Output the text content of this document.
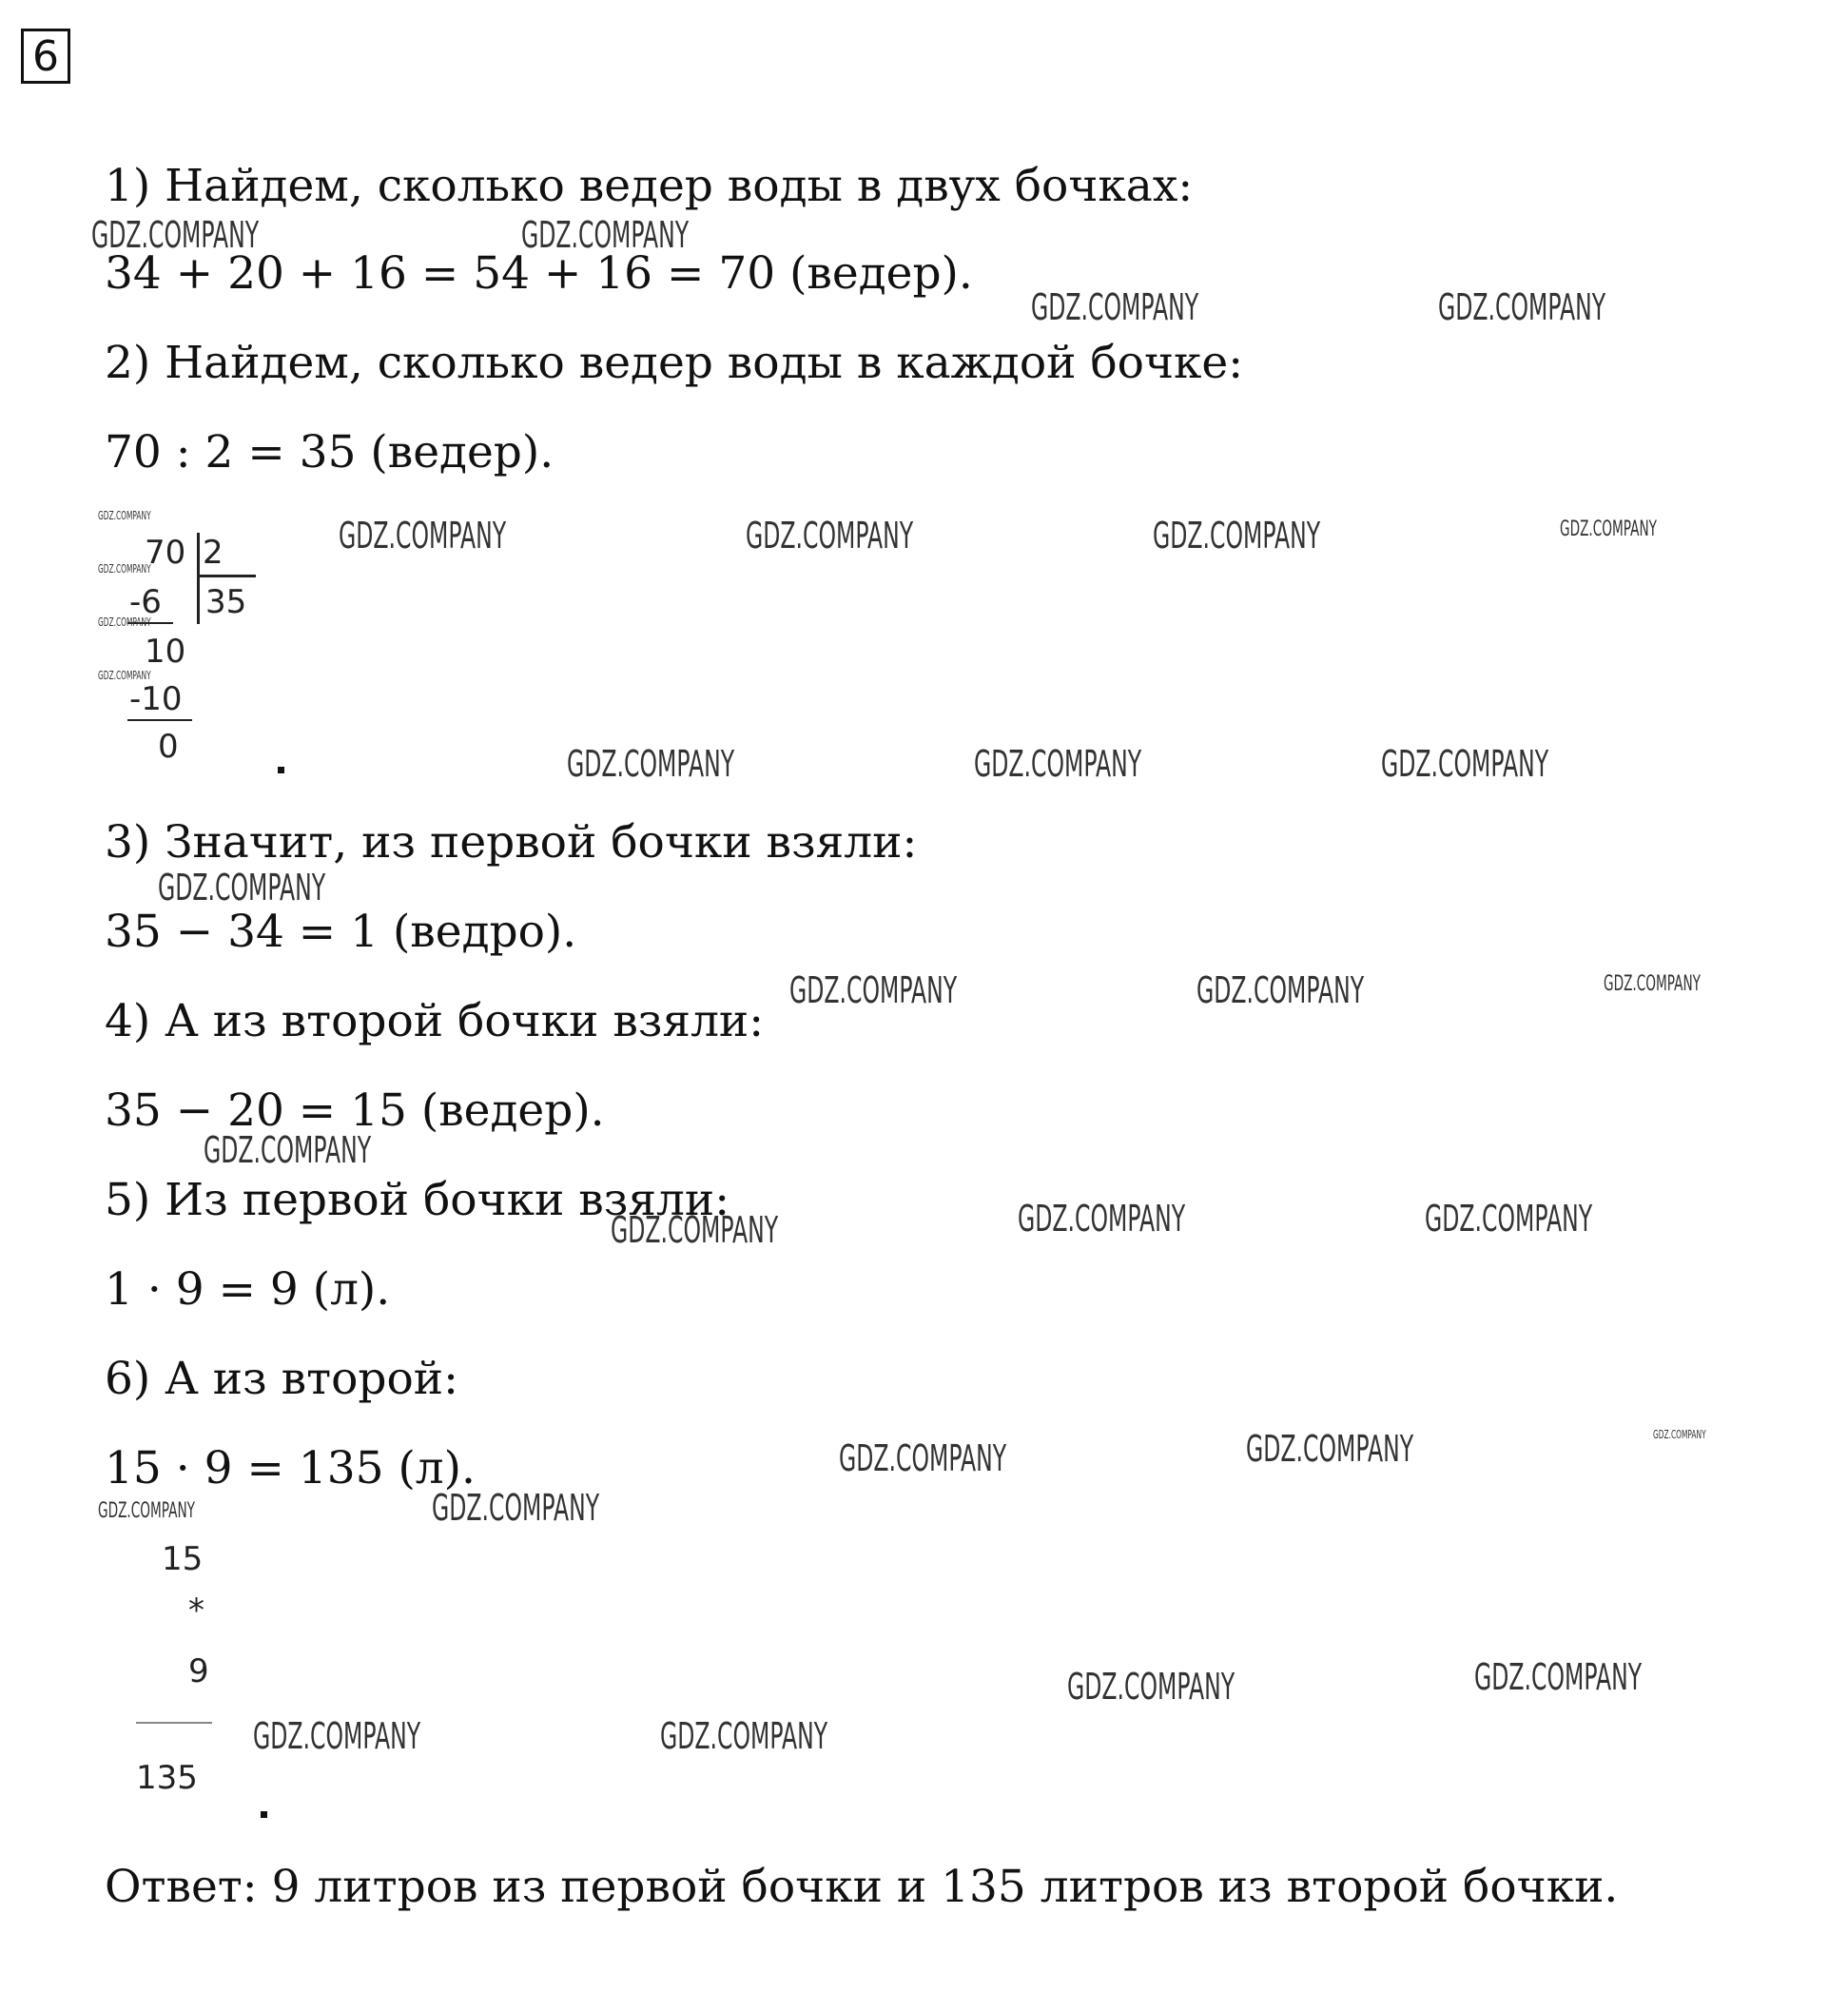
6
1) Найдем, сколько ведер воды в двух бочках:
34 + 20 + 16 = 54 + 16 = 70 (ведер).
2) Найдем, сколько ведер воды в каждой бочке:
70 : 2 = 35 (ведер).
70 2
35
-6
10
-10
0
3) Значит, из первой бочки взяли:
35 − 34 = 1 (ведро).
4) А из второй бочки взяли:
35 − 20 = 15 (ведер).
5) Из первой бочки взяли:
1 · 9 = 9 (л).
6) А из второй:
15 · 9 = 135 (л).
15
*
9
135
Ответ: 9 литров из первой бочки и 135 литров из второй бочки.
GDZ.COMPANY	GDZ.COMPANY
GDZ.COMPANY	GDZ.COMPANY
GDZ.COMPANY	GDZ.COMPANY	GDZ.COMPANY	GDZ.COMPANY
GDZ.COMPANY
GDZ.COMPANY
GDZ.COMPANY
GDZ.COMPANY
GDZ.COMPANY	GDZ.COMPANY	GDZ.COMPANY
GDZ.COMPANY
GDZ.COMPANY	GDZ.COMPANY	GDZ.COMPANY
GDZ.COMPANY
GDZ.COMPANY	GDZ.COMPANY	GDZ.COMPANY
GDZ.COMPANY	GDZ.COMPANY	GDZ.COMPANY
GDZ.COMPANY	GDZ.COMPANY
GDZ.COMPANY	GDZ.COMPANY
GDZ.COMPANY	GDZ.COMPANY
